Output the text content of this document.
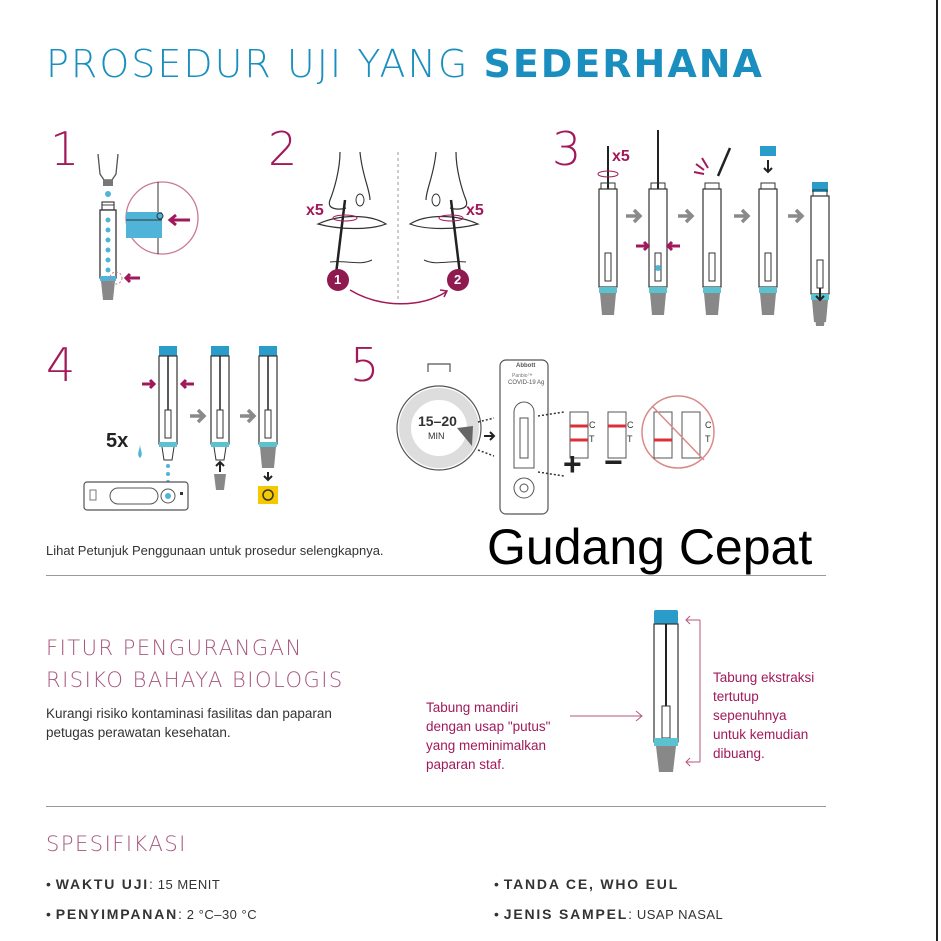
PROSEDUR UJI YANG SEDERHANA
1	2
x5	x5
1	2
3 x5
4
5x
5
15–20
MIN
Abbott
Panbio™
COVID-19 Ag
C
T
C
T
C
T
+ −
Lihat Petunjuk Penggunaan untuk prosedur selengkapnya. Gudang Cepat
FITUR PENGURANGAN
RISIKO BAHAYA BIOLOGIS
Kurangi risiko kontaminasi fasilitas dan paparan
petugas perawatan kesehatan.
Tabung mandiri
dengan usap "putus"
yang meminimalkan
paparan staf.
Tabung ekstraksi
tertutup
sepenuhnya
untuk kemudian
dibuang.
SPESIFIKASI
• WAKTU UJI: 15 MENIT
• PENYIMPANAN: 2 °C–30 °C
• TANDA CE, WHO EUL
• JENIS SAMPEL: USAP NASAL
